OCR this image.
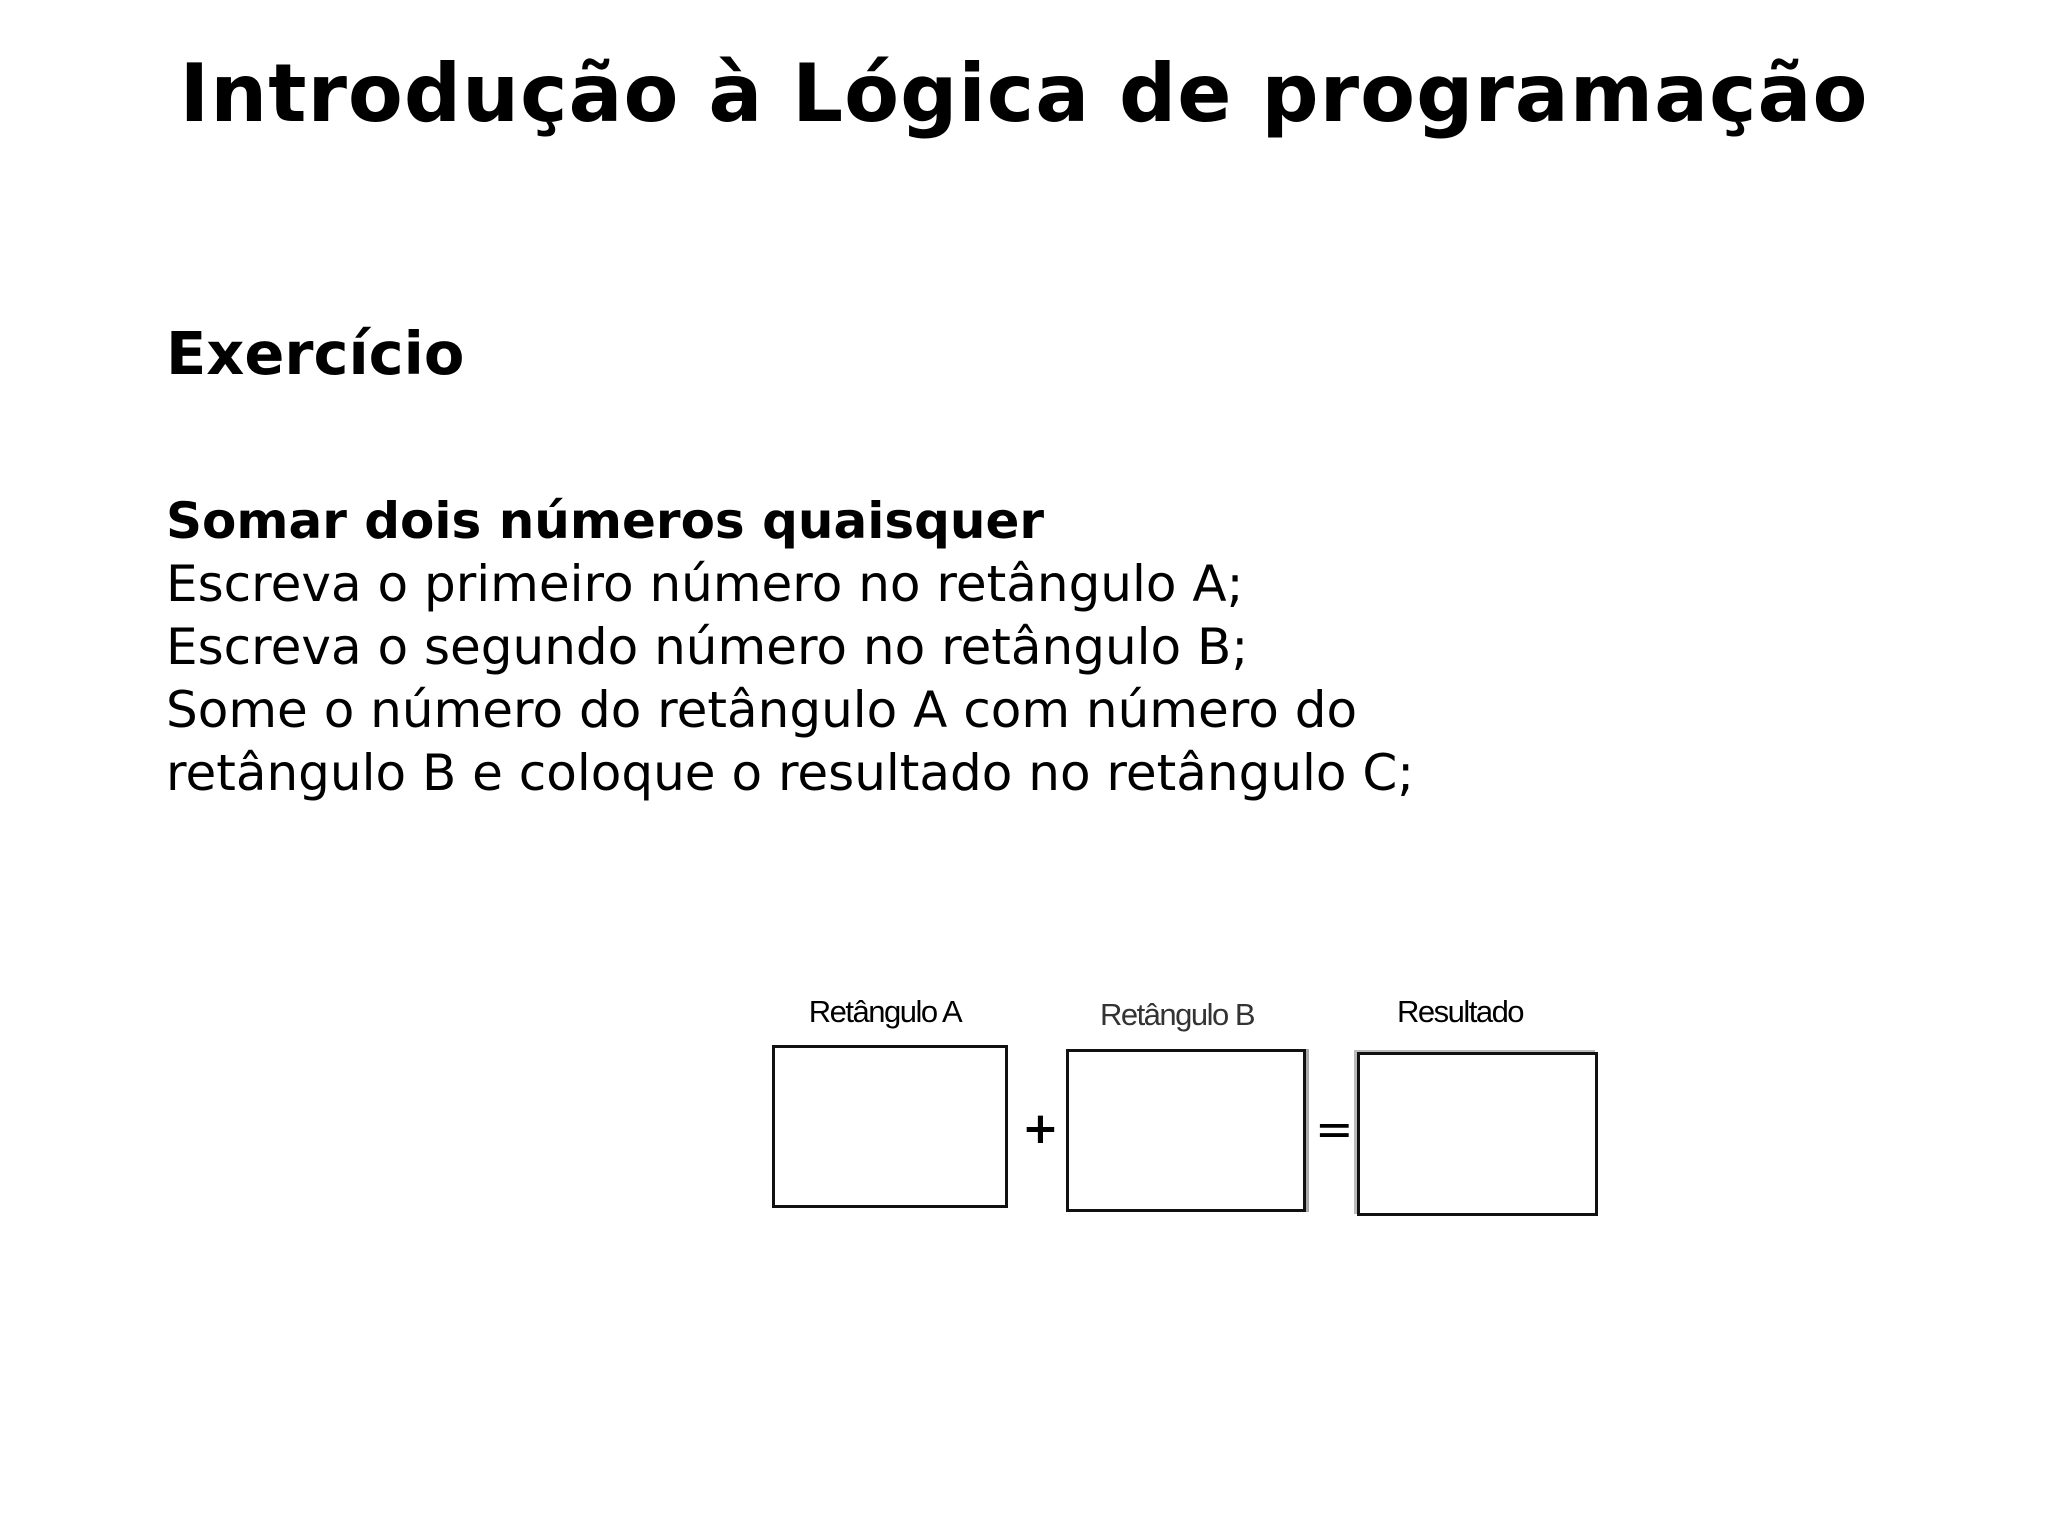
Introdução à Lógica de programação
Exercício
Somar dois números quaisquer
Escreva o primeiro número no retângulo A;
Escreva o segundo número no retângulo B;
Some o número do retângulo A com número do
retângulo B e coloque o resultado no retângulo C;
Retângulo A	Retângulo B	Resultado
+	=
